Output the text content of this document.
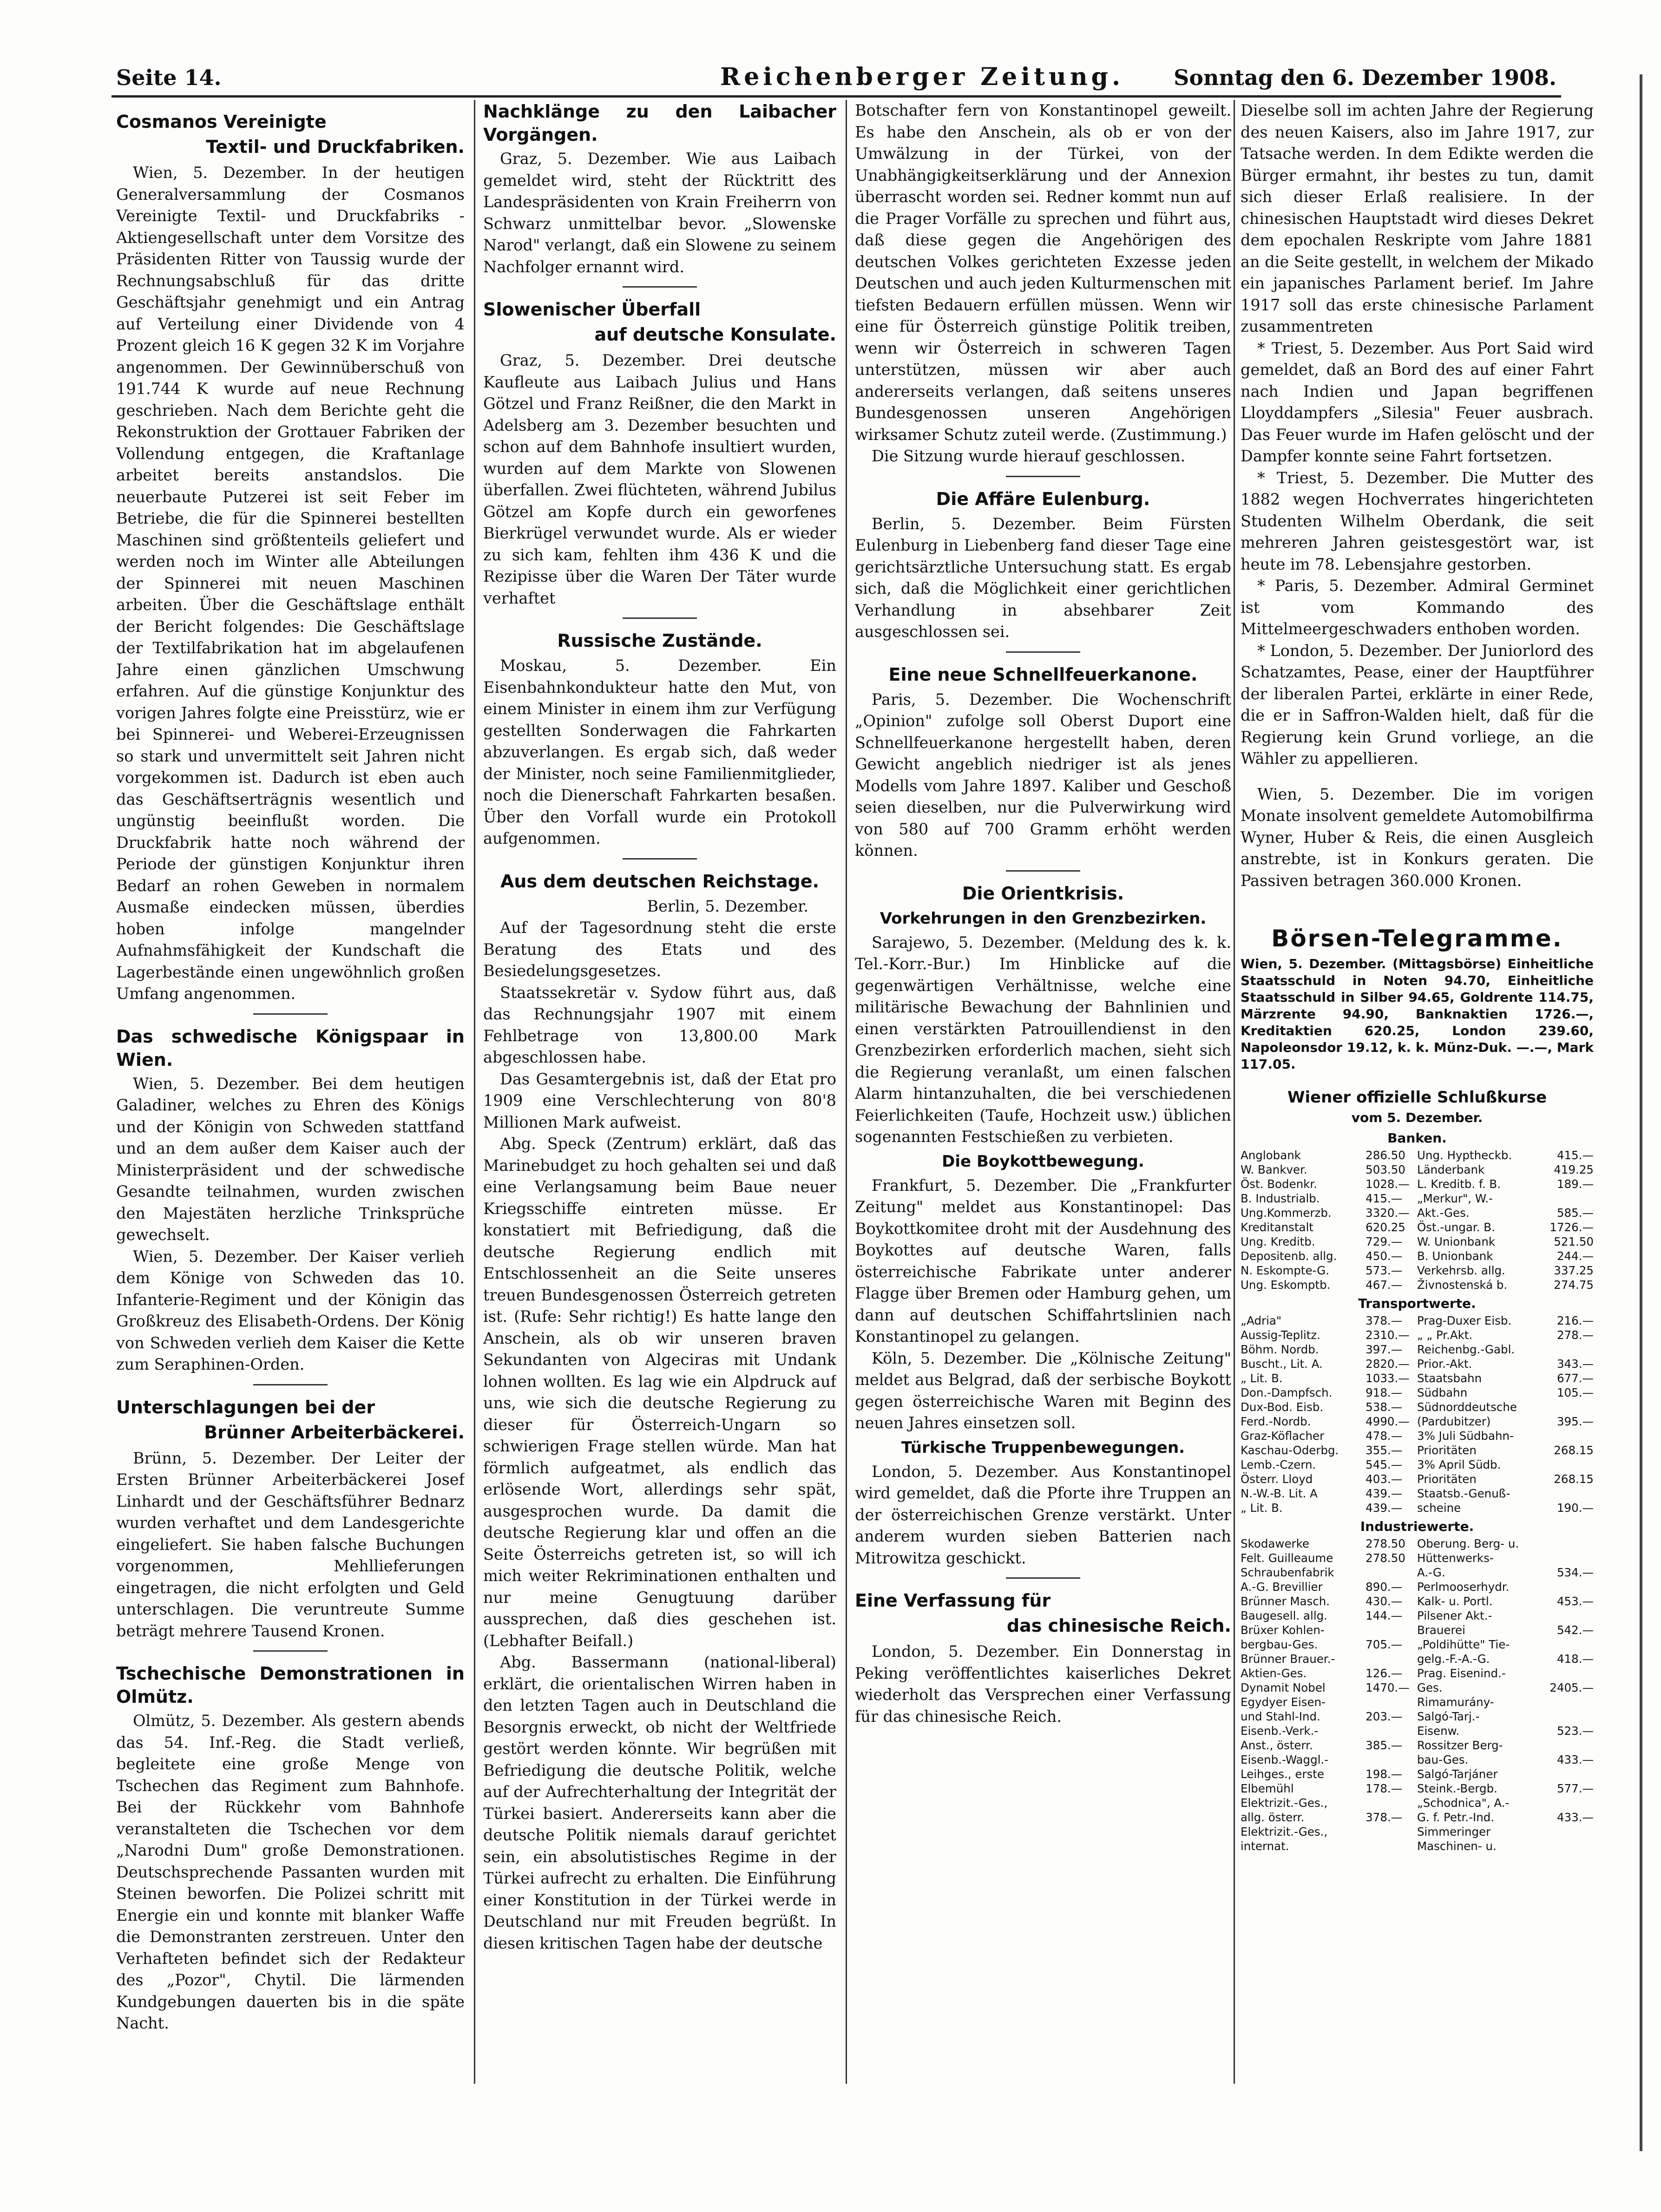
Seite 14.	Reichenberger Zeitung. Sonntag den 6. Dezember 1908.
Cosmanos Vereinigte
Textil- und Druckfabriken.

Wien, 5. Dezember. In der heutigen Generalversammlung der Cosmanos Vereinigte Textil- und Druckfabriks - Aktiengesellschaft unter dem Vorsitze des Präsidenten Ritter von Taussig wurde der Rechnungsabschluß für das dritte Geschäftsjahr genehmigt und ein Antrag auf Verteilung einer Dividende von 4 Prozent gleich 16 K gegen 32 K im Vorjahre angenommen. Der Gewinnüberschuß von 191.744 K wurde auf neue Rechnung geschrieben. Nach dem Berichte geht die Rekonstruktion der Grottauer Fabriken der Vollendung entgegen, die Kraftanlage arbeitet bereits anstandslos. Die neuerbaute Putzerei ist seit Feber im Betriebe, die für die Spinnerei bestellten Maschinen sind größtenteils geliefert und werden noch im Winter alle Abteilungen der Spinnerei mit neuen Maschinen arbeiten. Über die Geschäftslage enthält der Bericht folgendes: Die Geschäftslage der Textilfabrikation hat im abgelaufenen Jahre einen gänzlichen Umschwung erfahren. Auf die günstige Konjunktur des vorigen Jahres folgte eine Preisstürz, wie er bei Spinnerei- und Weberei-Erzeugnissen so stark und unvermittelt seit Jahren nicht vorgekommen ist. Dadurch ist eben auch das Geschäftserträgnis wesentlich und ungünstig beeinflußt worden. Die Druckfabrik hatte noch während der Periode der günstigen Konjunktur ihren Bedarf an rohen Geweben in normalem Ausmaße eindecken müssen, überdies hoben infolge mangelnder Aufnahmsfähigkeit der Kundschaft die Lagerbestände einen ungewöhnlich großen Umfang angenommen.

Das schwedische Königspaar in Wien.

Wien, 5. Dezember. Bei dem heutigen Galadiner, welches zu Ehren des Königs und der Königin von Schweden stattfand und an dem außer dem Kaiser auch der Ministerpräsident und der schwedische Gesandte teilnahmen, wurden zwischen den Majestäten herzliche Trinksprüche gewechselt.

Wien, 5. Dezember. Der Kaiser verlieh dem Könige von Schweden das 10. Infanterie-Regiment und der Königin das Großkreuz des Elisabeth-Ordens. Der König von Schweden verlieh dem Kaiser die Kette zum Seraphinen-Orden.

Unterschlagungen bei der
Brünner Arbeiterbäckerei.

Brünn, 5. Dezember. Der Leiter der Ersten Brünner Arbeiterbäckerei Josef Linhardt und der Geschäftsführer Bednarz wurden verhaftet und dem Landesgerichte eingeliefert. Sie haben falsche Buchungen vorgenommen, Mehllieferungen eingetragen, die nicht erfolgten und Geld unterschlagen. Die veruntreute Summe beträgt mehrere Tausend Kronen.

Tschechische Demonstrationen in Olmütz.

Olmütz, 5. Dezember. Als gestern abends das 54. Inf.-Reg. die Stadt verließ, begleitete eine große Menge von Tschechen das Regiment zum Bahnhofe. Bei der Rückkehr vom Bahnhofe veranstalteten die Tschechen vor dem „Narodni Dum" große Demonstrationen. Deutschsprechende Passanten wurden mit Steinen beworfen. Die Polizei schritt mit Energie ein und konnte mit blanker Waffe die Demonstranten zerstreuen. Unter den Verhafteten befindet sich der Redakteur des „Pozor", Chytil. Die lärmenden Kundgebungen dauerten bis in die späte Nacht.

Nachklänge zu den Laibacher Vorgängen.

Graz, 5. Dezember. Wie aus Laibach gemeldet wird, steht der Rücktritt des Landespräsidenten von Krain Freiherrn von Schwarz unmittelbar bevor. „Slowenske Narod" verlangt, daß ein Slowene zu seinem Nachfolger ernannt wird.

Slowenischer Überfall
auf deutsche Konsulate.

Graz, 5. Dezember. Drei deutsche Kaufleute aus Laibach Julius und Hans Götzel und Franz Reißner, die den Markt in Adelsberg am 3. Dezember besuchten und schon auf dem Bahnhofe insultiert wurden, wurden auf dem Markte von Slowenen überfallen. Zwei flüchteten, während Jubilus Götzel am Kopfe durch ein geworfenes Bierkrügel verwundet wurde. Als er wieder zu sich kam, fehlten ihm 436 K und die Rezipisse über die Waren Der Täter wurde verhaftet

Russische Zustände.

Moskau, 5. Dezember. Ein Eisenbahnkondukteur hatte den Mut, von einem Minister in einem ihm zur Verfügung gestellten Sonderwagen die Fahrkarten abzuverlangen. Es ergab sich, daß weder der Minister, noch seine Familienmitglieder, noch die Dienerschaft Fahrkarten besaßen. Über den Vorfall wurde ein Protokoll aufgenommen.

Aus dem deutschen Reichstage.
Berlin, 5. Dezember.

Auf der Tagesordnung steht die erste Beratung des Etats und des Besiedelungsgesetzes.

Staatssekretär v. Sydow führt aus, daß das Rechnungsjahr 1907 mit einem Fehlbetrage von 13,800.00 Mark abgeschlossen habe.

Das Gesamtergebnis ist, daß der Etat pro 1909 eine Verschlechterung von 80'8 Millionen Mark aufweist.

Abg. Speck (Zentrum) erklärt, daß das Marinebudget zu hoch gehalten sei und daß eine Verlangsamung beim Baue neuer Kriegsschiffe eintreten müsse. Er konstatiert mit Befriedigung, daß die deutsche Regierung endlich mit Entschlossenheit an die Seite unseres treuen Bundesgenossen Österreich getreten ist. (Rufe: Sehr richtig!) Es hatte lange den Anschein, als ob wir unseren braven Sekundanten von Algeciras mit Undank lohnen wollten. Es lag wie ein Alpdruck auf uns, wie sich die deutsche Regierung zu dieser für Österreich-Ungarn so schwierigen Frage stellen würde. Man hat förmlich aufgeatmet, als endlich das erlösende Wort, allerdings sehr spät, ausgesprochen wurde. Da damit die deutsche Regierung klar und offen an die Seite Österreichs getreten ist, so will ich mich weiter Rekriminationen enthalten und nur meine Genugtuung darüber aussprechen, daß dies geschehen ist. (Lebhafter Beifall.)

Abg. Bassermann (national-liberal) erklärt, die orientalischen Wirren haben in den letzten Tagen auch in Deutschland die Besorgnis erweckt, ob nicht der Weltfriede gestört werden könnte. Wir begrüßen mit Befriedigung die deutsche Politik, welche auf der Aufrechterhaltung der Integrität der Türkei basiert. Andererseits kann aber die deutsche Politik niemals darauf gerichtet sein, ein absolutistisches Regime in der Türkei aufrecht zu erhalten. Die Einführung einer Konstitution in der Türkei werde in Deutschland nur mit Freuden begrüßt. In diesen kritischen Tagen habe der deutsche

Botschafter fern von Konstantinopel geweilt. Es habe den Anschein, als ob er von der Umwälzung in der Türkei, von der Unabhängigkeitserklärung und der Annexion überrascht worden sei. Redner kommt nun auf die Prager Vorfälle zu sprechen und führt aus, daß diese gegen die Angehörigen des deutschen Volkes gerichteten Exzesse jeden Deutschen und auch jeden Kulturmenschen mit tiefsten Bedauern erfüllen müssen. Wenn wir eine für Österreich günstige Politik treiben, wenn wir Österreich in schweren Tagen unterstützen, müssen wir aber auch andererseits verlangen, daß seitens unseres Bundesgenossen unseren Angehörigen wirksamer Schutz zuteil werde. (Zustimmung.)

Die Sitzung wurde hierauf geschlossen.

Die Affäre Eulenburg.

Berlin, 5. Dezember. Beim Fürsten Eulenburg in Liebenberg fand dieser Tage eine gerichtsärztliche Untersuchung statt. Es ergab sich, daß die Möglichkeit einer gerichtlichen Verhandlung in absehbarer Zeit ausgeschlossen sei.

Eine neue Schnellfeuerkanone.

Paris, 5. Dezember. Die Wochenschrift „Opinion" zufolge soll Oberst Duport eine Schnellfeuerkanone hergestellt haben, deren Gewicht angeblich niedriger ist als jenes Modells vom Jahre 1897. Kaliber und Geschoß seien dieselben, nur die Pulverwirkung wird von 580 auf 700 Gramm erhöht werden können.

Die Orientkrisis.
Vorkehrungen in den Grenzbezirken.

Sarajewo, 5. Dezember. (Meldung des k. k. Tel.-Korr.-Bur.) Im Hinblicke auf die gegenwärtigen Verhältnisse, welche eine militärische Bewachung der Bahnlinien und einen verstärkten Patrouillendienst in den Grenzbezirken erforderlich machen, sieht sich die Regierung veranlaßt, um einen falschen Alarm hintanzuhalten, die bei verschiedenen Feierlichkeiten (Taufe, Hochzeit usw.) üblichen sogenannten Festschießen zu verbieten.

Die Boykottbewegung.

Frankfurt, 5. Dezember. Die „Frankfurter Zeitung" meldet aus Konstantinopel: Das Boykottkomitee droht mit der Ausdehnung des Boykottes auf deutsche Waren, falls österreichische Fabrikate unter anderer Flagge über Bremen oder Hamburg gehen, um dann auf deutschen Schiffahrtslinien nach Konstantinopel zu gelangen.

Köln, 5. Dezember. Die „Kölnische Zeitung" meldet aus Belgrad, daß der serbische Boykott gegen österreichische Waren mit Beginn des neuen Jahres einsetzen soll.

Türkische Truppenbewegungen.

London, 5. Dezember. Aus Konstantinopel wird gemeldet, daß die Pforte ihre Truppen an der österreichischen Grenze verstärkt. Unter anderem wurden sieben Batterien nach Mitrowitza geschickt.

Eine Verfassung für
das chinesische Reich.

London, 5. Dezember. Ein Donnerstag in Peking veröffentlichtes kaiserliches Dekret wiederholt das Versprechen einer Verfassung für das chinesische Reich.

Dieselbe soll im achten Jahre der Regierung des neuen Kaisers, also im Jahre 1917, zur Tatsache werden. In dem Edikte werden die Bürger ermahnt, ihr bestes zu tun, damit sich dieser Erlaß realisiere. In der chinesischen Hauptstadt wird dieses Dekret dem epochalen Reskripte vom Jahre 1881 an die Seite gestellt, in welchem der Mikado ein japanisches Parlament berief. Im Jahre 1917 soll das erste chinesische Parlament zusammentreten

* Triest, 5. Dezember. Aus Port Said wird gemeldet, daß an Bord des auf einer Fahrt nach Indien und Japan begriffenen Lloyddampfers „Silesia" Feuer ausbrach. Das Feuer wurde im Hafen gelöscht und der Dampfer konnte seine Fahrt fortsetzen.

* Triest, 5. Dezember. Die Mutter des 1882 wegen Hochverrates hingerichteten Studenten Wilhelm Oberdank, die seit mehreren Jahren geistesgestört war, ist heute im 78. Lebensjahre gestorben.

* Paris, 5. Dezember. Admiral Germinet ist vom Kommando des Mittelmeergeschwaders enthoben worden.

* London, 5. Dezember. Der Juniorlord des Schatzamtes, Pease, einer der Hauptführer der liberalen Partei, erklärte in einer Rede, die er in Saffron-Walden hielt, daß für die Regierung kein Grund vorliege, an die Wähler zu appellieren.

Wien, 5. Dezember. Die im vorigen Monate insolvent gemeldete Automobilfirma Wyner, Huber & Reis, die einen Ausgleich anstrebte, ist in Konkurs geraten. Die Passiven betragen 360.000 Kronen.

Börsen-Telegramme.
Wien, 5. Dezember. (Mittagsbörse) Einheitliche Staatsschuld in Noten 94.70, Einheitliche Staatsschuld in Silber 94.65, Goldrente 114.75, Märzrente 94.90, Banknaktien 1726.—, Kreditaktien 620.25, London 239.60, Napoleonsdor 19.12, k. k. Münz-Duk. —.—, Mark 117.05.
Wiener offizielle Schlußkurse
vom 5. Dezember.
Banken.
Anglobank	286.50	Ung. Hyptheckb.	415.—
W. Bankver.	503.50	Länderbank	419.25
Öst. Bodenkr.	1028.—	L. Kreditb. f. B.	189.—
B. Industrialb.	415.—	„Merkur", W.-	
Ung.Kommerzb.	3320.—	Akt.-Ges.	585.—
Kreditanstalt	620.25	Öst.-ungar. B.	1726.—
Ung. Kreditb.	729.—	W. Unionbank	521.50
Depositenb. allg.	450.—	B. Unionbank	244.—
N. Eskompte-G.	573.—	Verkehrsb. allg.	337.25
Ung. Eskomptb.	467.—	Živnostenská b.	274.75
Transportwerte.
„Adria"	378.—	Prag-Duxer Eisb.	216.—
Aussig-Teplitz.	2310.—	„ „ Pr.Akt.	278.—
Böhm. Nordb.	397.—	Reichenbg.-Gabl.	
Buscht., Lit. A.	2820.—	Prior.-Akt.	343.—
„ Lit. B.	1033.—	Staatsbahn	677.—
Don.-Dampfsch.	918.—	Südbahn	105.—
Dux-Bod. Eisb.	538.—	Südnorddeutsche	
Ferd.-Nordb.	4990.—	(Pardubitzer)	395.—
Graz-Köflacher	478.—	3% Juli Südbahn-	
Kaschau-Oderbg.	355.—	Prioritäten	268.15
Lemb.-Czern.	545.—	3% April Südb.	
Österr. Lloyd	403.—	Prioritäten	268.15
N.-W.-B. Lit. A	439.—	Staatsb.-Genuß-	
„ Lit. B.	439.—	scheine	190.—
Industriewerte.
Skodawerke	278.50	Oberung. Berg- u.	
Felt. Guilleaume	278.50	Hüttenwerks-	
Schraubenfabrik		A.-G.	534.—
A.-G. Brevillier	890.—	Perlmooserhydr.	
Brünner Masch.	430.—	Kalk- u. Portl.	453.—
Baugesell. allg.	144.—	Pilsener Akt.-	
Brüxer Kohlen-		Brauerei	542.—
bergbau-Ges.	705.—	„Poldihütte" Tie-	
Brünner Brauer.-		gelg.-F.-A.-G.	418.—
Aktien-Ges.	126.—	Prag. Eisenind.-	
Dynamit Nobel	1470.—	Ges.	2405.—
Egydyer Eisen-		Rimamurány-	
und Stahl-Ind.	203.—	Salgó-Tarj.-	
Eisenb.-Verk.-		Eisenw.	523.—
Anst., österr.	385.—	Rossitzer Berg-	
Eisenb.-Waggl.-		bau-Ges.	433.—
Leihges., erste	198.—	Salgó-Tarjáner	
Elbemühl	178.—	Steink.-Bergb.	577.—
Elektrizit.-Ges.,		„Schodnica", A.-	
allg. österr.	378.—	G. f. Petr.-Ind.	433.—
Elektrizit.-Ges.,		Simmeringer	
internat.		Maschinen- u.	
